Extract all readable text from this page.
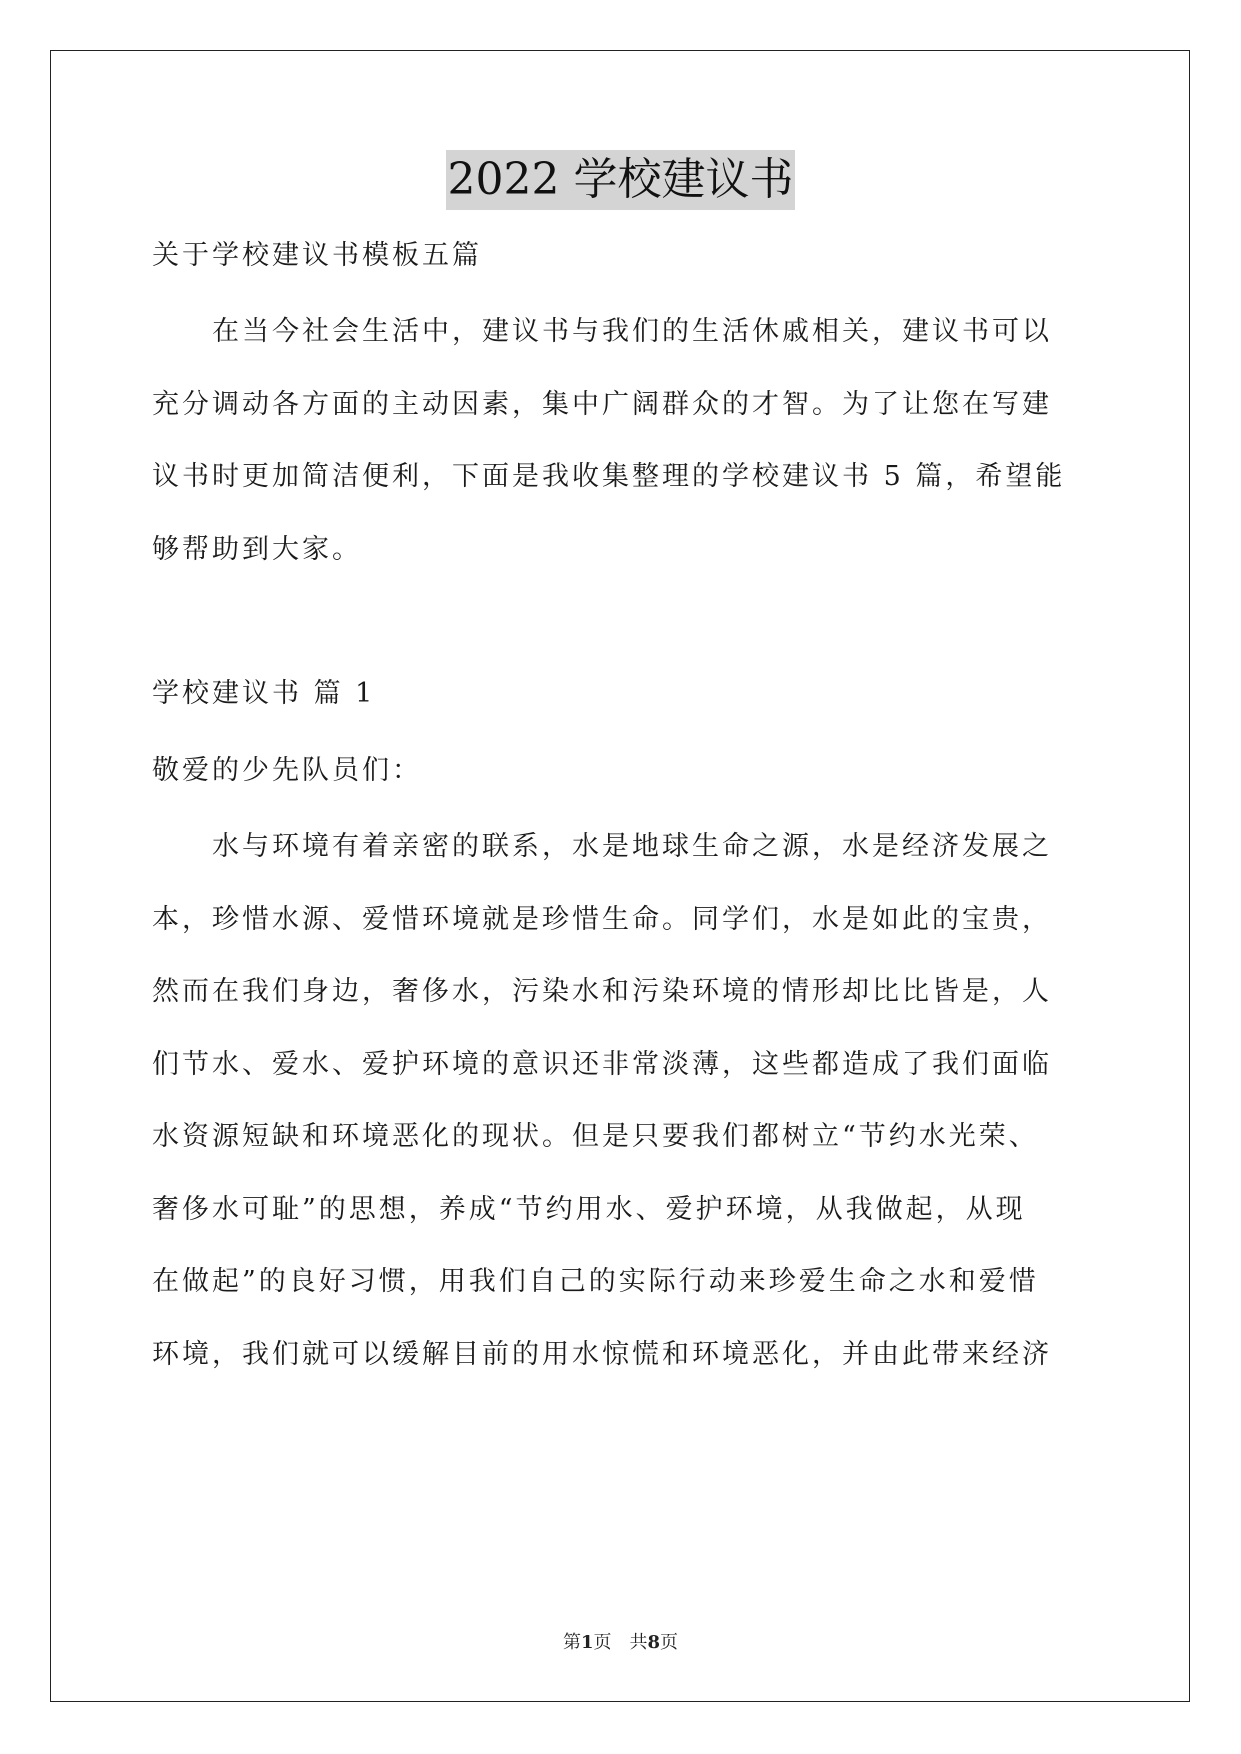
2022 学校建议书
关于学校建议书模板五篇
　　在当今社会生活中，建议书与我们的生活休戚相关，建议书可以
充分调动各方面的主动因素，集中广阔群众的才智。为了让您在写建
议书时更加简洁便利，下面是我收集整理的学校建议书 5 篇，希望能
够帮助到大家。
学校建议书 篇 1
敬爱的少先队员们：
　　水与环境有着亲密的联系，水是地球生命之源，水是经济发展之
本，珍惜水源、爱惜环境就是珍惜生命。同学们，水是如此的宝贵，
然而在我们身边，奢侈水，污染水和污染环境的情形却比比皆是，人
们节水、爱水、爱护环境的意识还非常淡薄，这些都造成了我们面临
水资源短缺和环境恶化的现状。但是只要我们都树立“节约水光荣、
奢侈水可耻”的思想，养成“节约用水、爱护环境，从我做起，从现
在做起”的良好习惯，用我们自己的实际行动来珍爱生命之水和爱惜
环境，我们就可以缓解目前的用水惊慌和环境恶化，并由此带来经济
第1页　共8页
